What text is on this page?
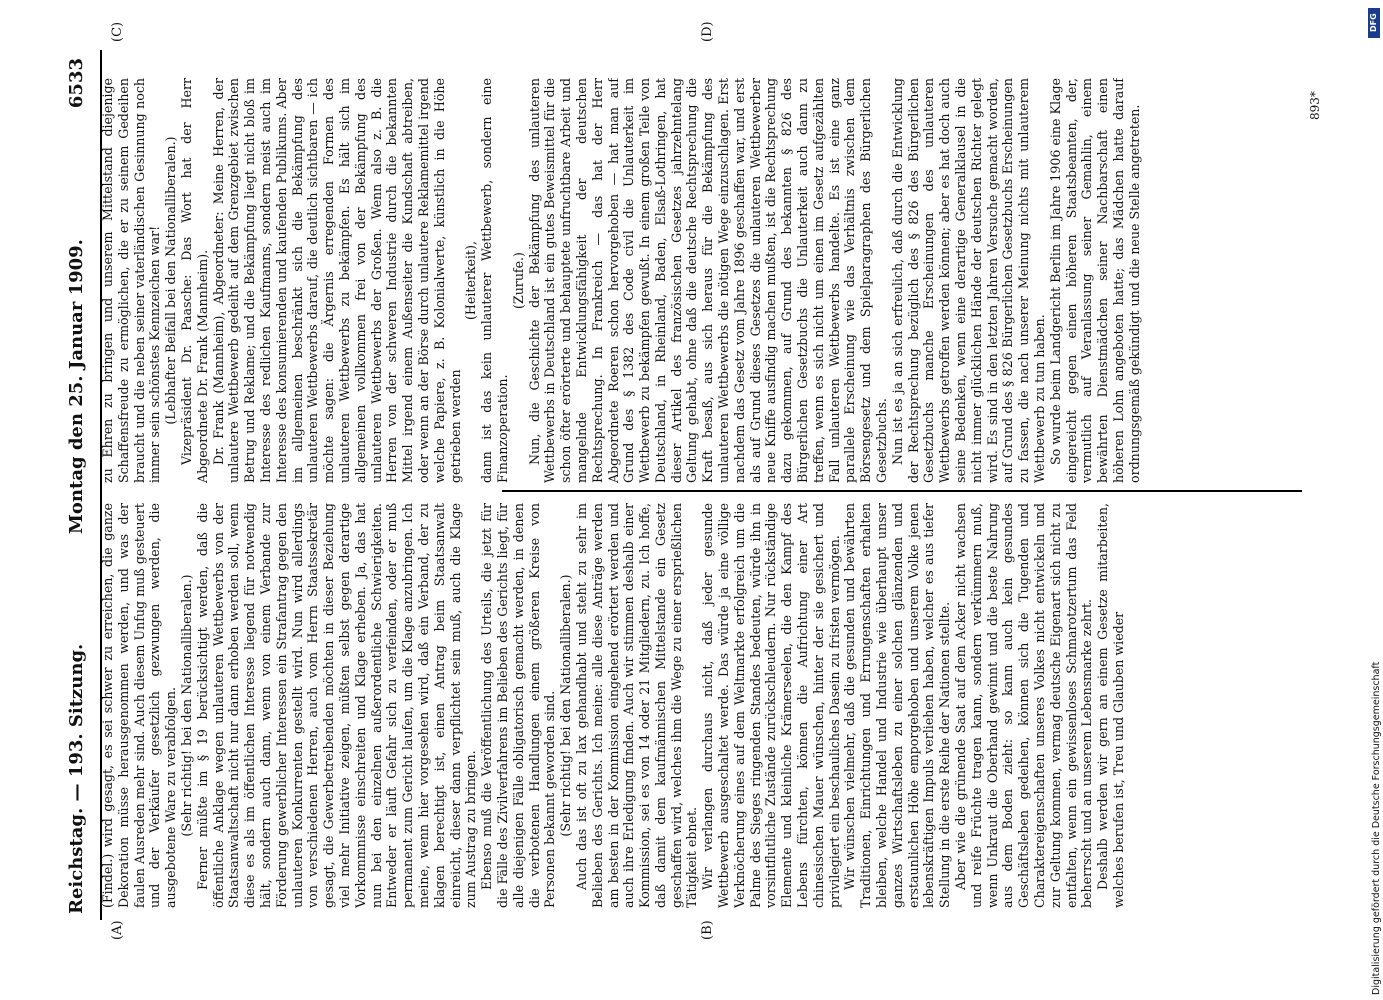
Reichstag. — 193. Sitzung.
Montag den 25. Januar 1909.
6533
(A)	(B)
(C)	(D)

(Findel.) wird gesagt, es sei schwer zu erreichen, die ganze Dekoration müsse herausgenommen werden, und was der faulen Ausreden mehr sind. Auch diesem Unfug muß gesteuert und der Verkäufer gesetzlich gezwungen werden, die ausgebotene Ware zu verabfolgen. (Sehr richtig! bei den Nationalliberalen.) Ferner müßte im § 19 berücksichtigt werden, daß die öffentliche Anklage wegen unlauteren Wettbewerbs von der Staatsanwaltschaft nicht nur dann erhoben werden soll, wenn diese es als im öffentlichen Interesse liegend für notwendig hält, sondern auch dann, wenn von einem Verbande zur Förderung gewerblicher Interessen ein Strafantrag gegen den unlauteren Konkurrenten gestellt wird. Nun wird allerdings von verschiedenen Herren, auch vom Herrn Staatssekretär gesagt, die Gewerbetreibenden möchten in dieser Beziehung viel mehr Initiative zeigen, müßten selbst gegen derartige Vorkommnisse einschreiten und Klage erheben. Ja, das hat nun bei den einzelnen außerordentliche Schwierigkeiten. Entweder er läuft Gefahr sich zu verfeinden, oder er muß permanent zum Gericht laufen, um die Klage anzubringen. Ich meine, wenn hier vorgesehen wird, daß ein Verband, der zu klagen berechtigt ist, einen Antrag beim Staatsanwalt einreicht, dieser dann verpflichtet sein muß, auch die Klage zum Austrag zu bringen. Ebenso muß die Veröffentlichung des Urteils, die jetzt für die Fälle des Zivilverfahrens im Belieben des Gerichts liegt, für alle diejenigen Fälle obligatorisch gemacht werden, in denen die verbotenen Handlungen einem größeren Kreise von Personen bekannt geworden sind. (Sehr richtig! bei den Nationalliberalen.) Auch das ist oft zu lax gehandhabt und steht zu sehr im Belieben des Gerichts. Ich meine: alle diese Anträge werden am besten in der Kommission eingehend erörtert werden und auch ihre Erledigung finden. Auch wir stimmen deshalb einer Kommission, sei es von 14 oder 21 Mitgliedern, zu. Ich hoffe, daß damit dem kaufmännischen Mittelstande ein Gesetz geschaffen wird, welches ihm die Wege zu einer ersprießlichen Tätigkeit ebnet. Wir verlangen durchaus nicht, daß jeder gesunde Wettbewerb ausgeschaltet werde. Das würde ja eine völlige Verknöcherung eines auf dem Weltmarkte erfolgreich um die Palme des Sieges ringenden Standes bedeuten, würde ihn in vorsintflutliche Zustände zurückschleudern. Nur rückständige Elemente und kleinliche Krämerseelen, die den Kampf des Lebens fürchten, können die Aufrichtung einer Art chinesischen Mauer wünschen, hinter der sie gesichert und privilegiert ein beschauliches Dasein zu fristen vermögen. Wir wünschen vielmehr, daß die gesunden und bewährten Traditionen, Einrichtungen und Errungenschaften erhalten bleiben, welche Handel und Industrie wie überhaupt unser ganzes Wirtschaftsleben zu einer solchen glänzenden und erstaunlichen Höhe emporgehoben und unserem Volke jenen lebenskräftigen Impuls verliehen haben, welcher es aus tiefer Stellung in die erste Reihe der Nationen stellte. Aber wie die grünende Saat auf dem Acker nicht wachsen und reife Früchte tragen kann, sondern verkümmern muß, wenn Unkraut die Oberhand gewinnt und die beste Nahrung aus dem Boden zieht: so kann auch kein gesundes Geschäftsleben gedeihen, können sich die Tugenden und Charaktereigenschaften unseres Volkes nicht entwickeln und zur Geltung kommen, vermag deutsche Eigenart sich nicht zu entfalten, wenn ein gewissenloses Schmarotzertum das Feld beherrscht und an unserem Lebensmarke zehrt. Deshalb werden wir gern an einem Gesetze mitarbeiten, welches berufen ist, Treu und Glauben wieder

zu Ehren zu bringen und unserem Mittelstand diejenige Schaffensfreude zu ermöglichen, die er zu seinem Gedeihen braucht und die neben seiner vaterländischen Gesinnung noch immer sein schönstes Kennzeichen war! (Lebhafter Beifall bei den Nationalliberalen.) Vizepräsident Dr. Paasche: Das Wort hat der Herr Abgeordnete Dr. Frank (Mannheim). Dr. Frank (Mannheim), Abgeordneter: Meine Herren, der unlautere Wettbewerb gedeiht auf dem Grenzgebiet zwischen Betrug und Reklame; und die Bekämpfung liegt nicht bloß im Interesse des redlichen Kaufmanns, sondern meist auch im Interesse des konsumierenden und kaufenden Publikums. Aber im allgemeinen beschränkt sich die Bekämpfung des unlauteren Wettbewerbs darauf, die deutlich sichtbaren — ich möchte sagen: die Ärgernis erregenden Formen des unlauteren Wettbewerbs zu bekämpfen. Es hält sich im allgemeinen vollkommen frei von der Bekämpfung des unlauteren Wettbewerbs der Großen. Wenn also z. B. die Herren von der schweren Industrie durch die bekannten Mittel irgend einem Außenseiter die Kundschaft abtreiben, oder wenn an der Börse durch unlautere Reklamemittel irgend welche Papiere, z. B. Kolonialwerte, künstlich in die Höhe getrieben werden

(Heiterkeit), dann ist das kein unlauterer Wettbewerb, sondern eine Finanzoperation.

(Zurufe.) Nun, die Geschichte der Bekämpfung des unlauteren Wettbewerbs in Deutschland ist ein gutes Beweismittel für die schon öfter erörterte und behauptete unfruchtbare Arbeit und mangelnde Entwicklungsfähigkeit der deutschen Rechtsprechung. In Frankreich — das hat der Herr Abgeordnete Roeren schon hervorgehoben — hat man auf Grund des § 1382 des Code civil die Unlauterkeit im Wettbewerb zu bekämpfen gewußt. In einem großen Teile von Deutschland, in Rheinland, Baden, Elsaß-Lothringen, hat dieser Artikel des französischen Gesetzes jahrzehntelang Geltung gehabt, ohne daß die deutsche Rechtsprechung die Kraft besaß, aus sich heraus für die Bekämpfung des unlauteren Wettbewerbs die nötigen Wege einzuschlagen. Erst nachdem das Gesetz vom Jahre 1896 geschaffen war, und erst als auf Grund dieses Gesetzes die unlauteren Wettbewerber neue Kniffe ausfindig machen mußten, ist die Rechtsprechung dazu gekommen, auf Grund des bekannten § 826 des Bürgerlichen Gesetzbuchs die Unlauterkeit auch dann zu treffen, wenn es sich nicht um einen im Gesetz aufgezählten Fall unlauteren Wettbewerbs handelte. Es ist eine ganz parallele Erscheinung wie das Verhältnis zwischen dem Börsengesetz und dem Spielparagraphen des Bürgerlichen Gesetzbuchs. Nun ist es ja an sich erfreulich, daß durch die Entwicklung der Rechtsprechung bezüglich des § 826 des Bürgerlichen Gesetzbuchs manche Erscheinungen des unlauteren Wettbewerbs getroffen werden können; aber es hat doch auch seine Bedenken, wenn eine derartige Generalklausel in die nicht immer glücklichen Hände der deutschen Richter gelegt wird. Es sind in den letzten Jahren Versuche gemacht worden, auf Grund des § 826 Bürgerlichen Gesetzbuchs Erscheinungen zu fassen, die nach unserer Meinung nichts mit unlauterem Wettbewerb zu tun haben. So wurde beim Landgericht Berlin im Jahre 1906 eine Klage eingereicht gegen einen höheren Staatsbeamten, der, vermutlich auf Veranlassung seiner Gemahlin, einem bewährten Dienstmädchen seiner Nachbarschaft einen höheren Lohn angeboten hatte; das Mädchen hatte darauf ordnungsgemäß gekündigt und die neue Stelle angetreten.	893*
DFG
Digitalisierung gefördert durch die Deutsche Forschungsgemeinschaft
